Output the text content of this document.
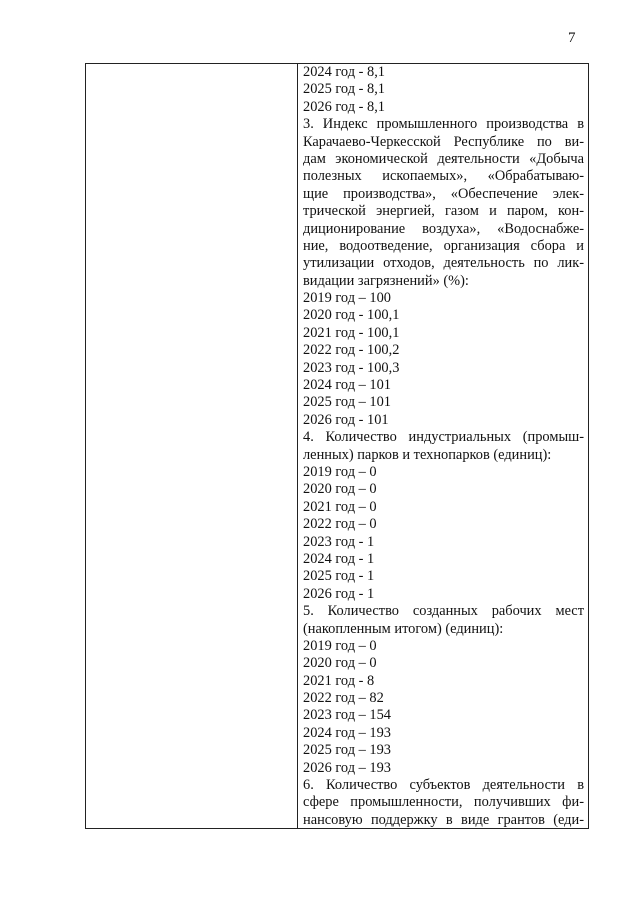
7
2024 год - 8,1
2025 год - 8,1
2026 год - 8,1
3. Индекс промышленного производства в
Карачаево-Черкесской Республике по ви-
дам экономической деятельности «Добыча
полезных ископаемых», «Обрабатываю-
щие производства», «Обеспечение элек-
трической энергией, газом и паром, кон-
диционирование воздуха», «Водоснабже-
ние, водоотведение, организация сбора и
утилизации отходов, деятельность по лик-
видации загрязнений» (%):
2019 год – 100
2020 год - 100,1
2021 год - 100,1
2022 год - 100,2
2023 год - 100,3
2024 год – 101
2025 год – 101
2026 год - 101
4. Количество индустриальных (промыш-
ленных) парков и технопарков (единиц):
2019 год – 0
2020 год – 0
2021 год – 0
2022 год – 0
2023 год - 1
2024 год - 1
2025 год - 1
2026 год - 1
5. Количество созданных рабочих мест
(накопленным итогом) (единиц):
2019 год – 0
2020 год – 0
2021 год - 8
2022 год – 82
2023 год – 154
2024 год – 193
2025 год – 193
2026 год – 193
6. Количество субъектов деятельности в
сфере промышленности, получивших фи-
нансовую поддержку в виде грантов (еди-
